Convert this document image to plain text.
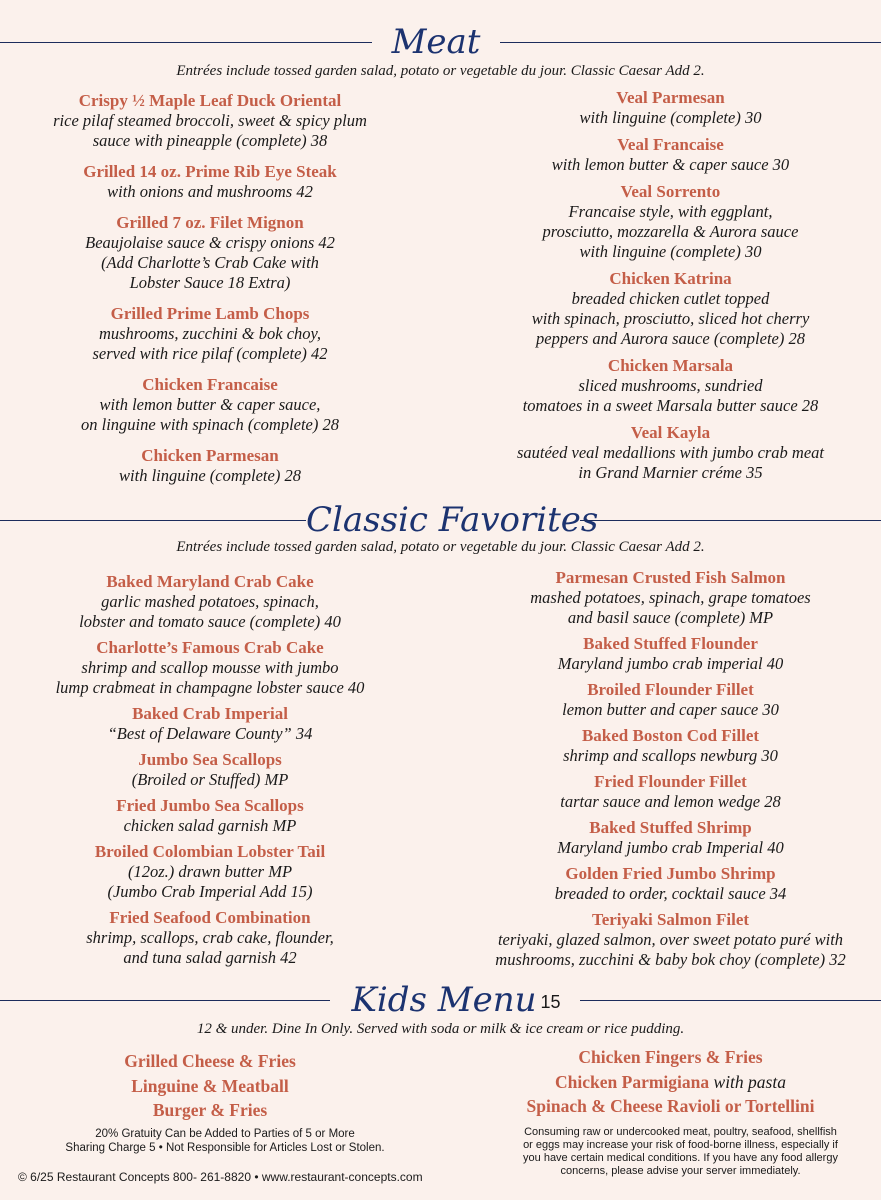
Meat
Entrées include tossed garden salad, potato or vegetable du jour. Classic Caesar Add 2.
Crispy ½ Maple Leaf Duck Oriental
rice pilaf steamed broccoli, sweet & spicy plum
sauce with pineapple (complete) 38
Grilled 14 oz. Prime Rib Eye Steak
with onions and mushrooms 42
Grilled 7 oz. Filet Mignon
Beaujolaise sauce & crispy onions 42
(Add Charlotte’s Crab Cake with
Lobster Sauce 18 Extra)
Grilled Prime Lamb Chops
mushrooms, zucchini & bok choy,
served with rice pilaf (complete) 42
Chicken Francaise
with lemon butter & caper sauce,
on linguine with spinach (complete) 28
Chicken Parmesan
with linguine (complete) 28
Veal Parmesan
with linguine (complete) 30
Veal Francaise
with lemon butter & caper sauce 30
Veal Sorrento
Francaise style, with eggplant,
prosciutto, mozzarella & Aurora sauce
with linguine (complete) 30
Chicken Katrina
breaded chicken cutlet topped
with spinach, prosciutto, sliced hot cherry
peppers and Aurora sauce (complete) 28
Chicken Marsala
sliced mushrooms, sundried
tomatoes in a sweet Marsala butter sauce 28
Veal Kayla
sautéed veal medallions with jumbo crab meat
in Grand Marnier créme 35
Classic Favorites
Entrées include tossed garden salad, potato or vegetable du jour. Classic Caesar Add 2.
Baked Maryland Crab Cake
garlic mashed potatoes, spinach,
lobster and tomato sauce (complete) 40
Charlotte’s Famous Crab Cake
shrimp and scallop mousse with jumbo
lump crabmeat in champagne lobster sauce 40
Baked Crab Imperial
“Best of Delaware County” 34
Jumbo Sea Scallops
(Broiled or Stuffed) MP
Fried Jumbo Sea Scallops
chicken salad garnish MP
Broiled Colombian Lobster Tail
(12oz.) drawn butter MP
(Jumbo Crab Imperial Add 15)
Fried Seafood Combination
shrimp, scallops, crab cake, flounder,
and tuna salad garnish 42
Parmesan Crusted Fish Salmon
mashed potatoes, spinach, grape tomatoes
and basil sauce (complete) MP
Baked Stuffed Flounder
Maryland jumbo crab imperial 40
Broiled Flounder Fillet
lemon butter and caper sauce 30
Baked Boston Cod Fillet
shrimp and scallops newburg 30
Fried Flounder Fillet
tartar sauce and lemon wedge 28
Baked Stuffed Shrimp
Maryland jumbo crab Imperial 40
Golden Fried Jumbo Shrimp
breaded to order, cocktail sauce 34
Teriyaki Salmon Filet
teriyaki, glazed salmon, over sweet potato puré with
mushrooms, zucchini & baby bok choy (complete) 32
Kids Menu 15
12 & under. Dine In Only. Served with soda or milk & ice cream or rice pudding.
Grilled Cheese & Fries
Linguine & Meatball
Burger & Fries
Chicken Fingers & Fries
Chicken Parmigiana with pasta
Spinach & Cheese Ravioli or Tortellini
20% Gratuity Can be Added to Parties of 5 or More
Sharing Charge 5 • Not Responsible for Articles Lost or Stolen.
Consuming raw or undercooked meat, poultry, seafood, shellfish
or eggs may increase your risk of food-borne illness, especially if
you have certain medical conditions. If you have any food allergy
concerns, please advise your server immediately.
© 6/25 Restaurant Concepts 800- 261-8820 • www.restaurant-concepts.com
